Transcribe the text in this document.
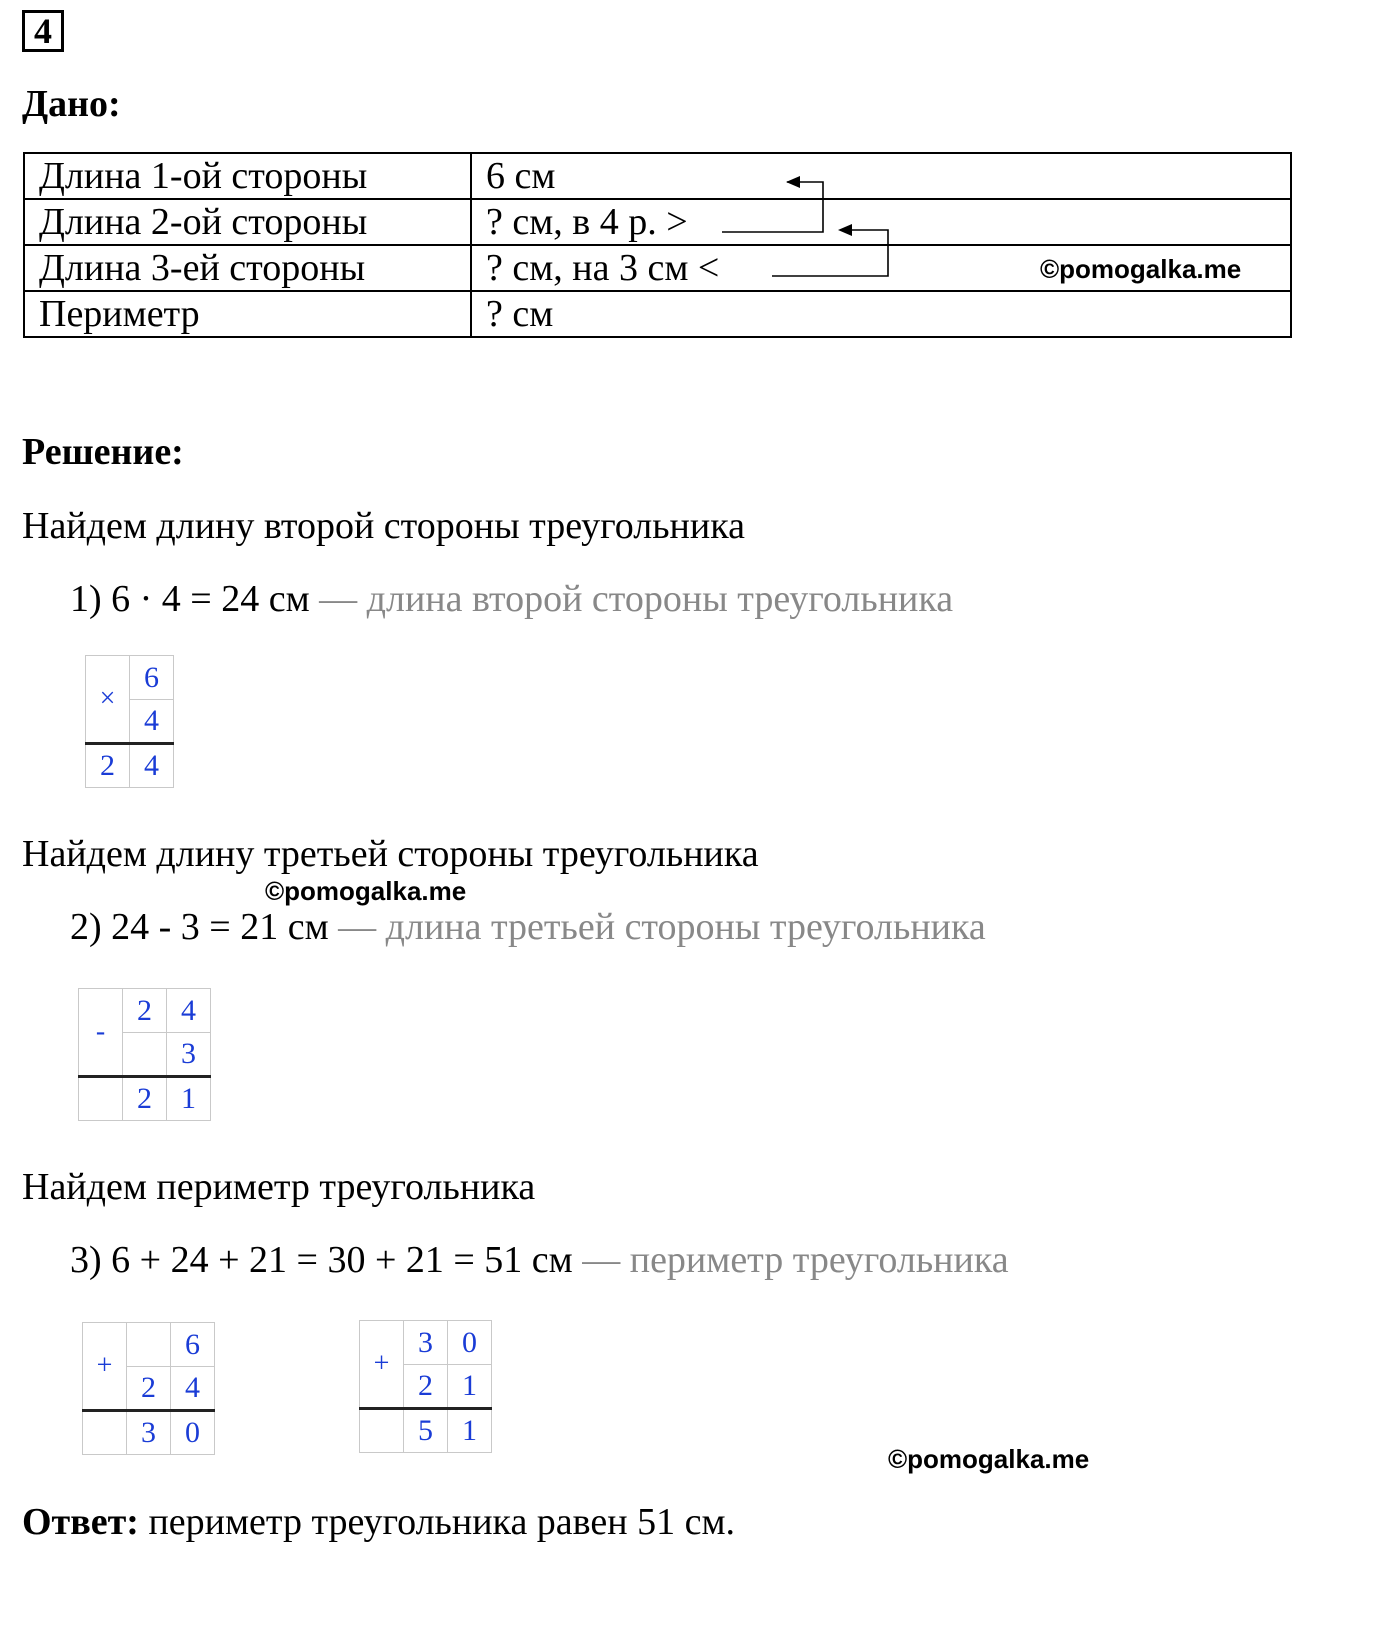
4
Дано:
Длина 1-ой стороны	6 см
Длина 2-ой стороны	? см, в 4 р. >
Длина 3-ей стороны	? см, на 3 см <
Периметр	? см
©pomogalka.me
Решение:
Найдем длину второй стороны треугольника
1) 6 · 4 = 24 см — длина второй стороны треугольника
×	6
	4
2	4
Найдем длину третьей стороны треугольника
©pomogalka.me
2) 24 - 3 = 21 см — длина третьей стороны треугольника
-	2	4
		3
	2	1
Найдем периметр треугольника
3) 6 + 24 + 21 = 30 + 21 = 51 см — периметр треугольника
+		6
	2	4
	3	0
+	3	0
	2	1
	5	1
©pomogalka.me
Ответ: периметр треугольника равен 51 см.
